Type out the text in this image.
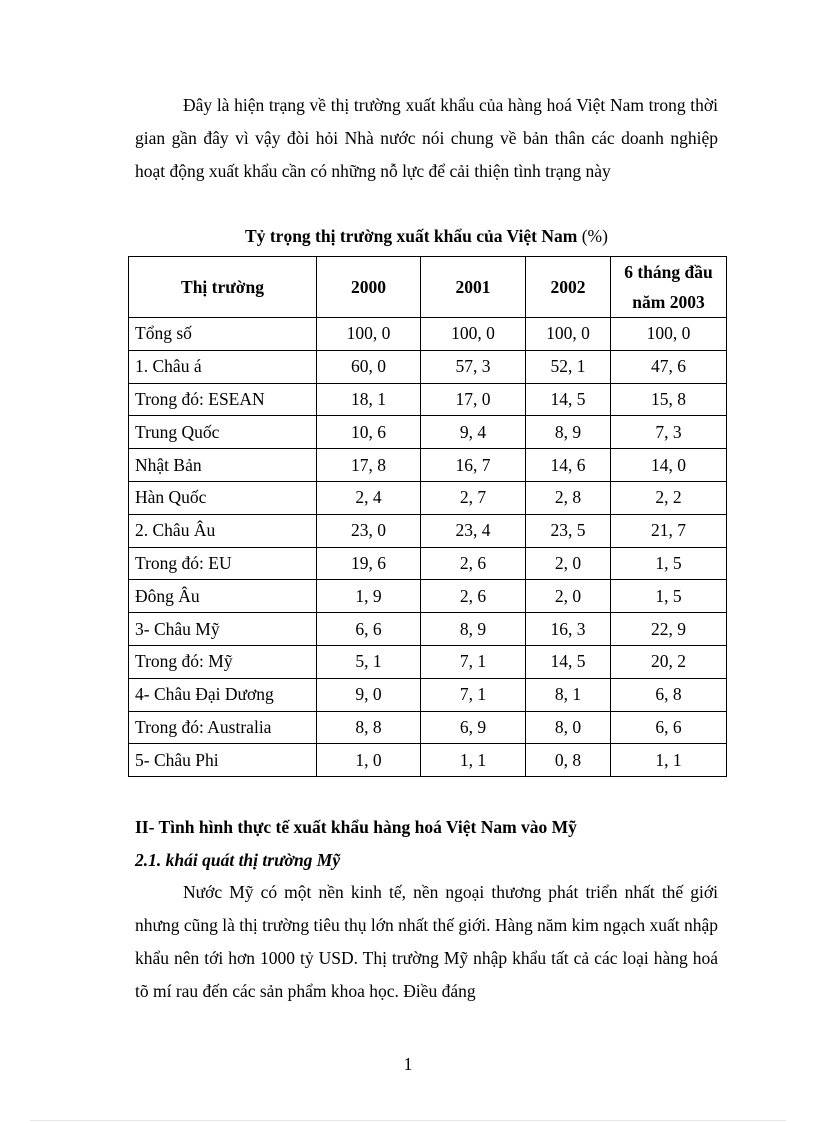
Đây là hiện trạng về thị trường xuất khẩu của hàng hoá Việt Nam trong thời gian gần đây vì vậy đòi hỏi Nhà nước nói chung về bản thân các doanh nghiệp hoạt động xuất khẩu cần có những nỗ lực để cải thiện tình trạng này

Tỷ trọng thị trường xuất khẩu của Việt Nam (%)

Thị trường	2000	2001	2002	6 tháng đầu năm 2003
Tổng số	100, 0	100, 0	100, 0	100, 0
1. Châu á	60, 0	57, 3	52, 1	47, 6
Trong đó: ESEAN	18, 1	17, 0	14, 5	15, 8
Trung Quốc	10, 6	9, 4	8, 9	7, 3
Nhật Bản	17, 8	16, 7	14, 6	14, 0
Hàn Quốc	2, 4	2, 7	2, 8	2, 2
2. Châu Âu	23, 0	23, 4	23, 5	21, 7
Trong đó: EU	19, 6	2, 6	2, 0	1, 5
Đông Âu	1, 9	2, 6	2, 0	1, 5
3- Châu Mỹ	6, 6	8, 9	16, 3	22, 9
Trong đó: Mỹ	5, 1	7, 1	14, 5	20, 2
4- Châu Đại Dương	9, 0	7, 1	8, 1	6, 8
Trong đó: Australia	8, 8	6, 9	8, 0	6, 6
5- Châu Phi	1, 0	1, 1	0, 8	1, 1

II- Tình hình thực tế xuất khẩu hàng hoá Việt Nam vào Mỹ

2.1. khái quát thị trường Mỹ

Nước Mỹ có một nền kinh tế, nền ngoại thương phát triển nhất thế giới nhưng cũng là thị trường tiêu thụ lớn nhất thế giới. Hàng năm kim ngạch xuất nhập khẩu nên tới hơn 1000 tỷ USD. Thị trường Mỹ nhập khẩu tất cả các loại hàng hoá tõ mí rau đến các sản phẩm khoa học. Điều đáng

1
